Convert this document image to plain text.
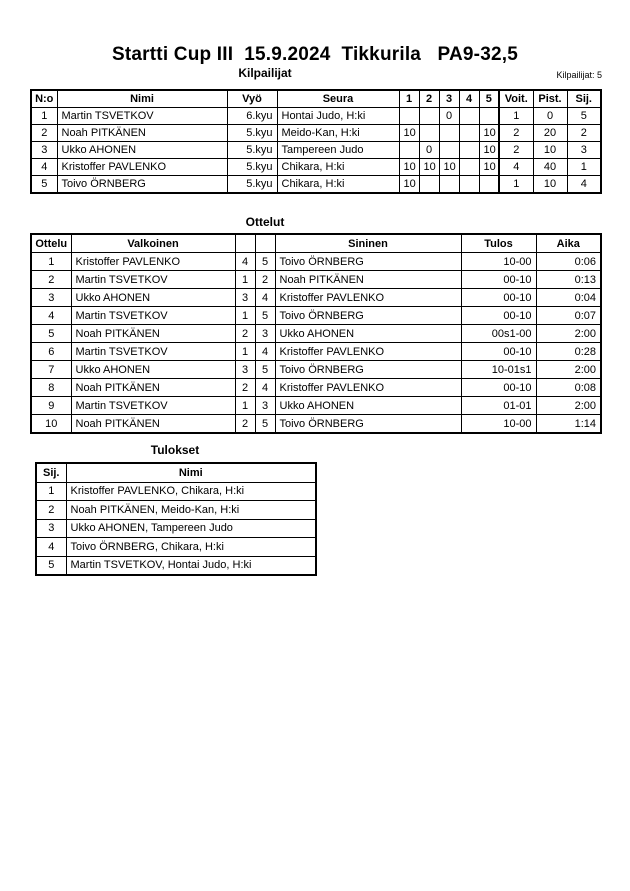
Startti Cup III  15.9.2024  Tikkurila   PA9-32,5
Kilpailijat	Kilpailijat: 5
N:o	Nimi	Vyö	Seura	1	2	3	4	5	Voit.	Pist.	Sij.
1	Martin TSVETKOV	6.kyu	Hontai Judo, H:ki			0			1	0	5
2	Noah PITKÄNEN	5.kyu	Meido-Kan, H:ki	10				10	2	20	2
3	Ukko AHONEN	5.kyu	Tampereen Judo		0			10	2	10	3
4	Kristoffer PAVLENKO	5.kyu	Chikara, H:ki	10	10	10		10	4	40	1
5	Toivo ÖRNBERG	5.kyu	Chikara, H:ki	10					1	10	4
Ottelut
Ottelu	Valkoinen			Sininen	Tulos	Aika
1	Kristoffer PAVLENKO	4	5	Toivo ÖRNBERG	10-00	0:06
2	Martin TSVETKOV	1	2	Noah PITKÄNEN	00-10	0:13
3	Ukko AHONEN	3	4	Kristoffer PAVLENKO	00-10	0:04
4	Martin TSVETKOV	1	5	Toivo ÖRNBERG	00-10	0:07
5	Noah PITKÄNEN	2	3	Ukko AHONEN	00s1-00	2:00
6	Martin TSVETKOV	1	4	Kristoffer PAVLENKO	00-10	0:28
7	Ukko AHONEN	3	5	Toivo ÖRNBERG	10-01s1	2:00
8	Noah PITKÄNEN	2	4	Kristoffer PAVLENKO	00-10	0:08
9	Martin TSVETKOV	1	3	Ukko AHONEN	01-01	2:00
10	Noah PITKÄNEN	2	5	Toivo ÖRNBERG	10-00	1:14
Tulokset
Sij.	Nimi
1	Kristoffer PAVLENKO, Chikara, H:ki
2	Noah PITKÄNEN, Meido-Kan, H:ki
3	Ukko AHONEN, Tampereen Judo
4	Toivo ÖRNBERG, Chikara, H:ki
5	Martin TSVETKOV, Hontai Judo, H:ki
